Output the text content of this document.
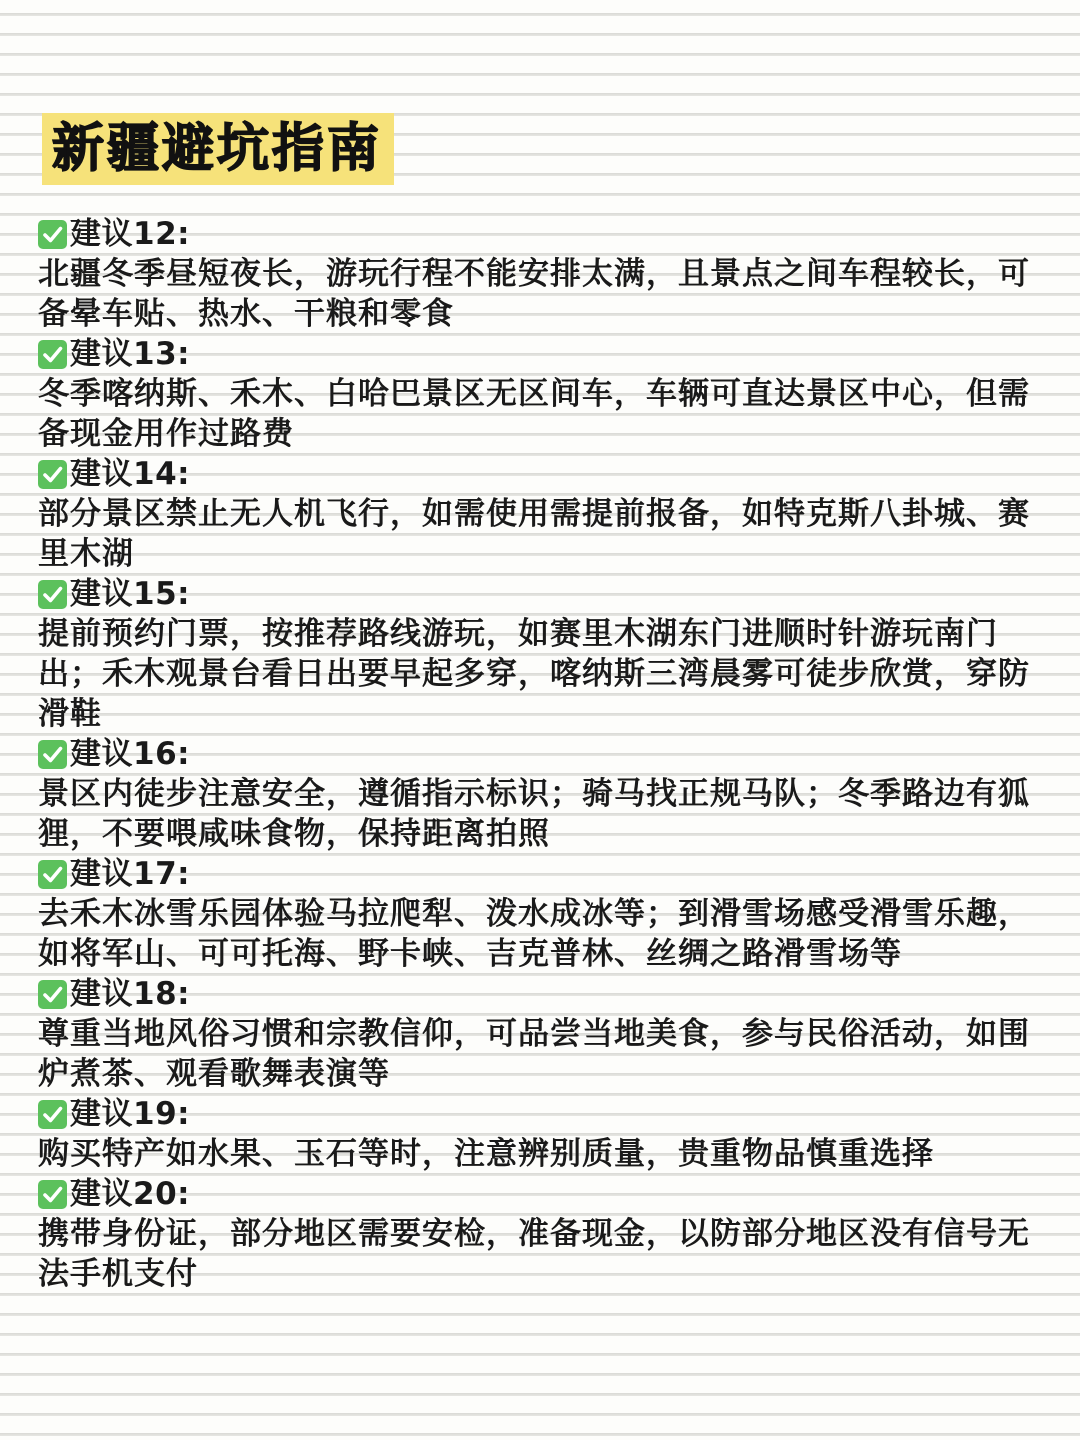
新疆避坑指南
建议12:

北疆冬季昼短夜长，游玩行程不能安排太满，且景点之间车程较长，可备晕车贴、热水、干粮和零食

建议13:

冬季喀纳斯、禾木、白哈巴景区无区间车，车辆可直达景区中心，但需备现金用作过路费

建议14:

部分景区禁止无人机飞行，如需使用需提前报备，如特克斯八卦城、赛里木湖

建议15:

提前预约门票，按推荐路线游玩，如赛里木湖东门进顺时针游玩南门出；禾木观景台看日出要早起多穿，喀纳斯三湾晨雾可徒步欣赏，穿防滑鞋

建议16:

景区内徒步注意安全，遵循指示标识；骑马找正规马队；冬季路边有狐狸，不要喂咸味食物，保持距离拍照

建议17:

去禾木冰雪乐园体验马拉爬犁、泼水成冰等；到滑雪场感受滑雪乐趣，如将军山、可可托海、野卡峡、吉克普林、丝绸之路滑雪场等

建议18:

尊重当地风俗习惯和宗教信仰，可品尝当地美食，参与民俗活动，如围炉煮茶、观看歌舞表演等

建议19:

购买特产如水果、玉石等时，注意辨别质量，贵重物品慎重选择

建议20:

携带身份证，部分地区需要安检，准备现金，以防部分地区没有信号无法手机支付
